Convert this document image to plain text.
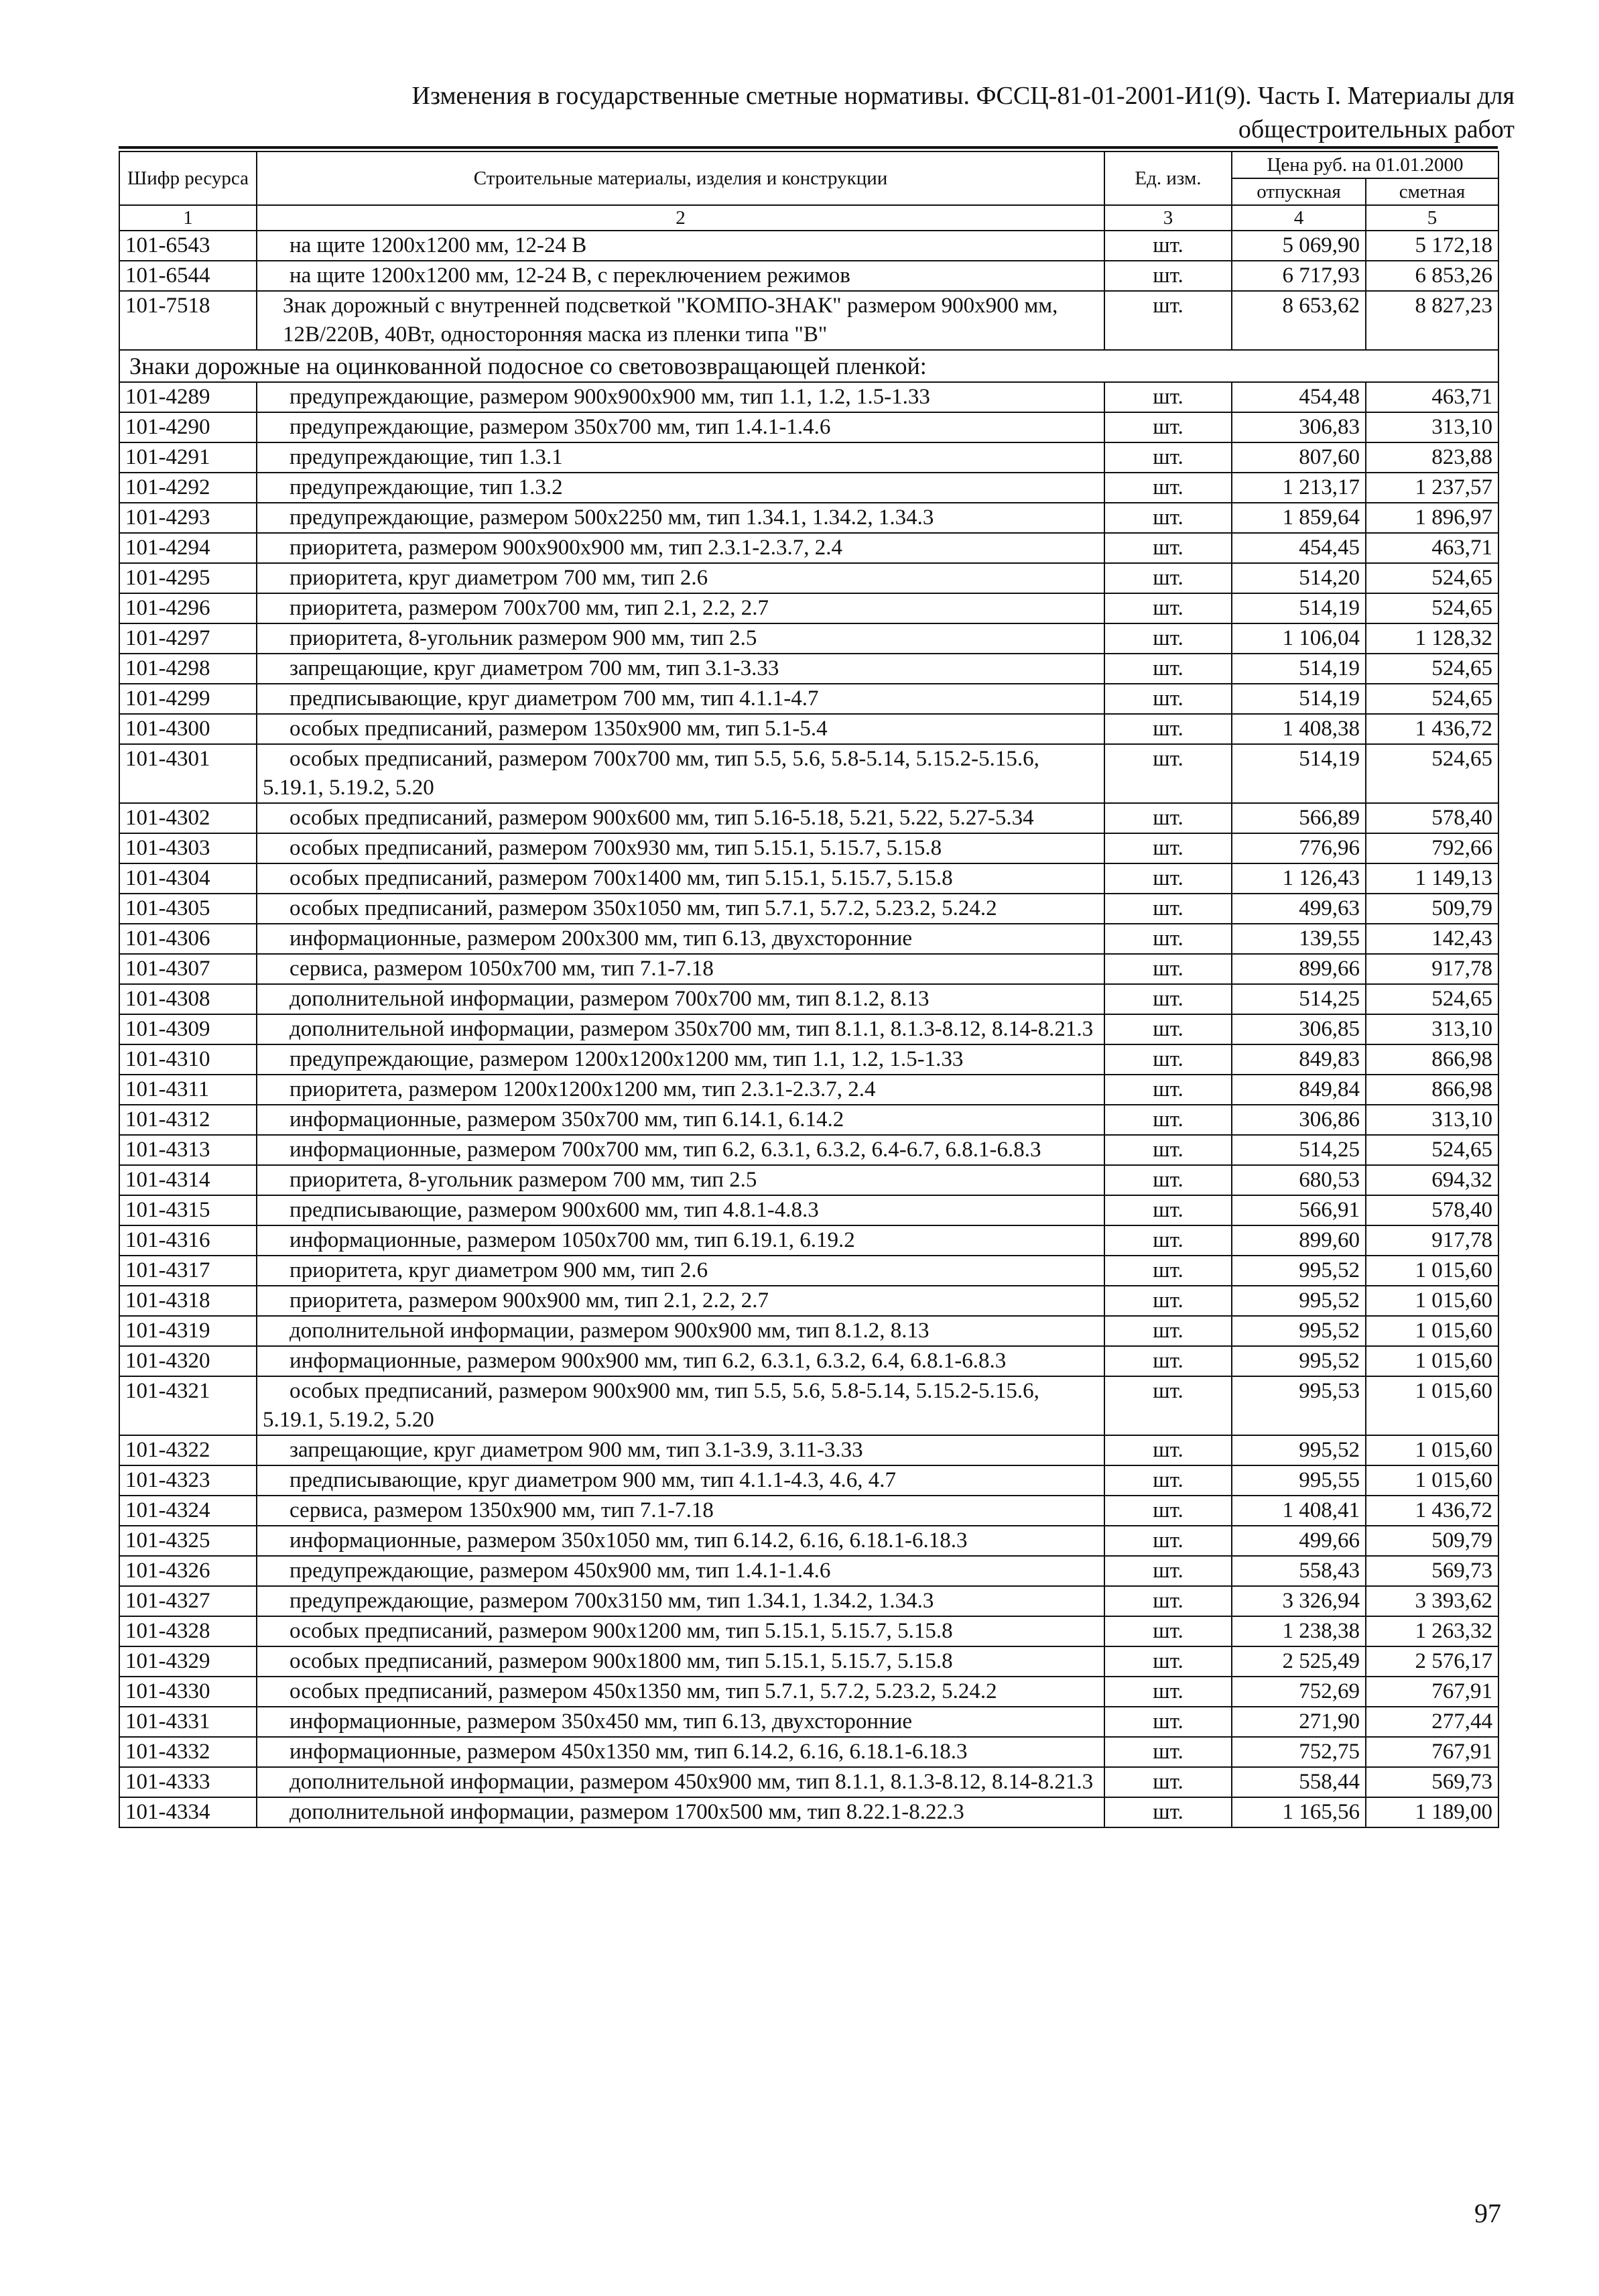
Изменения в государственные сметные нормативы. ФССЦ-81-01-2001-И1(9). Часть I. Материалы для
общестроительных работ
Шифр ресурса	Строительные материалы, изделия и конструкции	Ед. изм.	Цена руб. на 01.01.2000	
			отпускная	сметная
1	2	3	4	5
101-6543	на щите 1200х1200 мм, 12-24 В	шт.	5 069,90	5 172,18
101-6544	на щите 1200х1200 мм, 12-24 В, с переключением режимов	шт.	6 717,93	6 853,26
101-7518	Знак дорожный с внутренней подсветкой "КОМПО-ЗНАК" размером 900х900 мм, 12В/220В, 40Вт, односторонняя маска из пленки типа "В"	шт.	8 653,62	8 827,23
Знаки дорожные на оцинкованной подосное со световозвращающей пленкой:				
101-4289	предупреждающие, размером 900х900х900 мм, тип 1.1, 1.2, 1.5-1.33	шт.	454,48	463,71
101-4290	предупреждающие, размером 350х700 мм, тип 1.4.1-1.4.6	шт.	306,83	313,10
101-4291	предупреждающие, тип 1.3.1	шт.	807,60	823,88
101-4292	предупреждающие, тип 1.3.2	шт.	1 213,17	1 237,57
101-4293	предупреждающие, размером 500х2250 мм, тип 1.34.1, 1.34.2, 1.34.3	шт.	1 859,64	1 896,97
101-4294	приоритета, размером 900х900х900 мм, тип 2.3.1-2.3.7, 2.4	шт.	454,45	463,71
101-4295	приоритета, круг диаметром 700 мм, тип 2.6	шт.	514,20	524,65
101-4296	приоритета, размером 700х700 мм, тип 2.1, 2.2, 2.7	шт.	514,19	524,65
101-4297	приоритета, 8-угольник размером 900 мм, тип 2.5	шт.	1 106,04	1 128,32
101-4298	запрещающие, круг диаметром 700 мм, тип 3.1-3.33	шт.	514,19	524,65
101-4299	предписывающие, круг диаметром 700 мм, тип 4.1.1-4.7	шт.	514,19	524,65
101-4300	особых предписаний, размером 1350х900 мм, тип 5.1-5.4	шт.	1 408,38	1 436,72
101-4301	особых предписаний, размером 700х700 мм, тип 5.5, 5.6, 5.8-5.14, 5.15.2-5.15.6, 5.19.1, 5.19.2, 5.20	шт.	514,19	524,65
101-4302	особых предписаний, размером 900х600 мм, тип 5.16-5.18, 5.21, 5.22, 5.27-5.34	шт.	566,89	578,40
101-4303	особых предписаний, размером 700х930 мм, тип 5.15.1, 5.15.7, 5.15.8	шт.	776,96	792,66
101-4304	особых предписаний, размером 700х1400 мм, тип 5.15.1, 5.15.7, 5.15.8	шт.	1 126,43	1 149,13
101-4305	особых предписаний, размером 350х1050 мм, тип 5.7.1, 5.7.2, 5.23.2, 5.24.2	шт.	499,63	509,79
101-4306	информационные, размером 200х300 мм, тип 6.13, двухсторонние	шт.	139,55	142,43
101-4307	сервиса, размером 1050х700 мм, тип 7.1-7.18	шт.	899,66	917,78
101-4308	дополнительной информации, размером 700х700 мм, тип 8.1.2, 8.13	шт.	514,25	524,65
101-4309	дополнительной информации, размером 350х700 мм, тип 8.1.1, 8.1.3-8.12, 8.14-8.21.3	шт.	306,85	313,10
101-4310	предупреждающие, размером 1200х1200х1200 мм, тип 1.1, 1.2, 1.5-1.33	шт.	849,83	866,98
101-4311	приоритета, размером 1200х1200х1200 мм, тип 2.3.1-2.3.7, 2.4	шт.	849,84	866,98
101-4312	информационные, размером 350х700 мм, тип 6.14.1, 6.14.2	шт.	306,86	313,10
101-4313	информационные, размером 700х700 мм, тип 6.2, 6.3.1, 6.3.2, 6.4-6.7, 6.8.1-6.8.3	шт.	514,25	524,65
101-4314	приоритета, 8-угольник размером 700 мм, тип 2.5	шт.	680,53	694,32
101-4315	предписывающие, размером 900х600 мм, тип 4.8.1-4.8.3	шт.	566,91	578,40
101-4316	информационные, размером 1050х700 мм, тип 6.19.1, 6.19.2	шт.	899,60	917,78
101-4317	приоритета, круг диаметром 900 мм, тип 2.6	шт.	995,52	1 015,60
101-4318	приоритета, размером 900х900 мм, тип 2.1, 2.2, 2.7	шт.	995,52	1 015,60
101-4319	дополнительной информации, размером 900х900 мм, тип 8.1.2, 8.13	шт.	995,52	1 015,60
101-4320	информационные, размером 900х900 мм, тип 6.2, 6.3.1, 6.3.2, 6.4, 6.8.1-6.8.3	шт.	995,52	1 015,60
101-4321	особых предписаний, размером 900х900 мм, тип 5.5, 5.6, 5.8-5.14, 5.15.2-5.15.6, 5.19.1, 5.19.2, 5.20	шт.	995,53	1 015,60
101-4322	запрещающие, круг диаметром 900 мм, тип 3.1-3.9, 3.11-3.33	шт.	995,52	1 015,60
101-4323	предписывающие, круг диаметром 900 мм, тип 4.1.1-4.3, 4.6, 4.7	шт.	995,55	1 015,60
101-4324	сервиса, размером 1350х900 мм, тип 7.1-7.18	шт.	1 408,41	1 436,72
101-4325	информационные, размером 350х1050 мм, тип 6.14.2, 6.16, 6.18.1-6.18.3	шт.	499,66	509,79
101-4326	предупреждающие, размером 450х900 мм, тип 1.4.1-1.4.6	шт.	558,43	569,73
101-4327	предупреждающие, размером 700х3150 мм, тип 1.34.1, 1.34.2, 1.34.3	шт.	3 326,94	3 393,62
101-4328	особых предписаний, размером 900х1200 мм, тип 5.15.1, 5.15.7, 5.15.8	шт.	1 238,38	1 263,32
101-4329	особых предписаний, размером 900х1800 мм, тип 5.15.1, 5.15.7, 5.15.8	шт.	2 525,49	2 576,17
101-4330	особых предписаний, размером 450х1350 мм, тип 5.7.1, 5.7.2, 5.23.2, 5.24.2	шт.	752,69	767,91
101-4331	информационные, размером 350х450 мм, тип 6.13, двухсторонние	шт.	271,90	277,44
101-4332	информационные, размером 450х1350 мм, тип 6.14.2, 6.16, 6.18.1-6.18.3	шт.	752,75	767,91
101-4333	дополнительной информации, размером 450х900 мм, тип 8.1.1, 8.1.3-8.12, 8.14-8.21.3	шт.	558,44	569,73
101-4334	дополнительной информации, размером 1700х500 мм, тип 8.22.1-8.22.3	шт.	1 165,56	1 189,00
97
